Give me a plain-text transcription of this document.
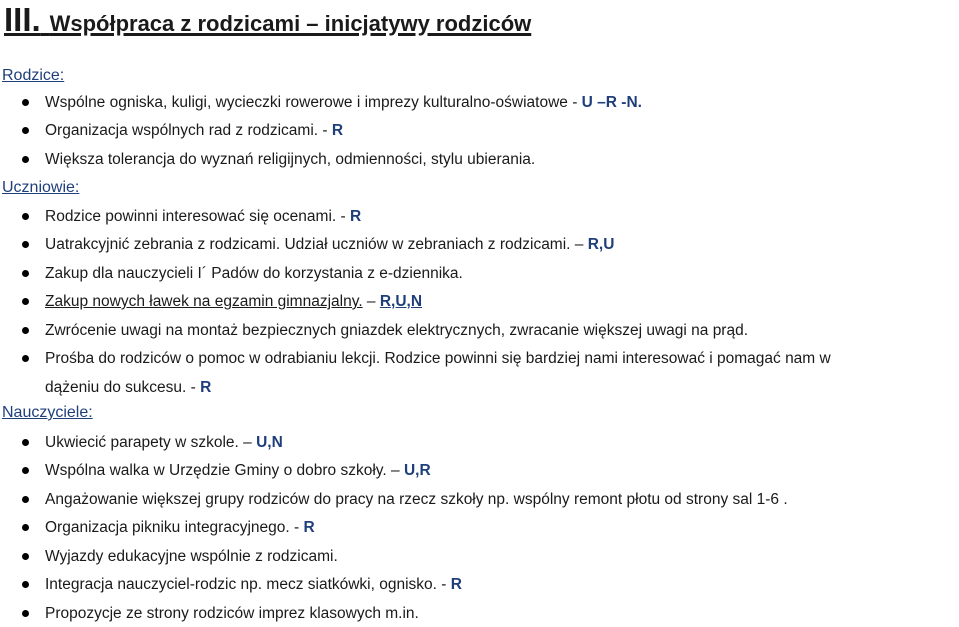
III. Współpraca z rodzicami – inicjatywy rodziców
Rodzice:
Wspólne ogniska, kuligi, wycieczki rowerowe i imprezy kulturalno-oświatowe - U –R -N.
Organizacja wspólnych rad z rodzicami. - R
Większa tolerancja do wyznań religijnych, odmienności, stylu ubierania.
Uczniowie:
Rodzice powinni interesować się ocenami. - R
Uatrakcyjnić zebrania z rodzicami. Udział uczniów w zebraniach z rodzicami. – R,U
Zakup dla nauczycieli I´ Padów do korzystania z e-dziennika.
Zakup nowych ławek na egzamin gimnazjalny. – R,U,N
Zwrócenie uwagi na montaż bezpiecznych gniazdek elektrycznych, zwracanie większej uwagi na prąd.
Prośba do rodziców o pomoc w odrabianiu lekcji. Rodzice powinni się bardziej nami interesować i pomagać nam w
dążeniu do sukcesu. - R
Nauczyciele:
Ukwiecić parapety w szkole. – U,N
Wspólna walka w Urzędzie Gminy o dobro szkoły. – U,R
Angażowanie większej grupy rodziców do pracy na rzecz szkoły np. wspólny remont płotu od strony sal 1-6 .
Organizacja pikniku integracyjnego. - R
Wyjazdy edukacyjne wspólnie z rodzicami.
Integracja nauczyciel-rodzic np. mecz siatkówki, ognisko. - R
Propozycje ze strony rodziców imprez klasowych m.in.
